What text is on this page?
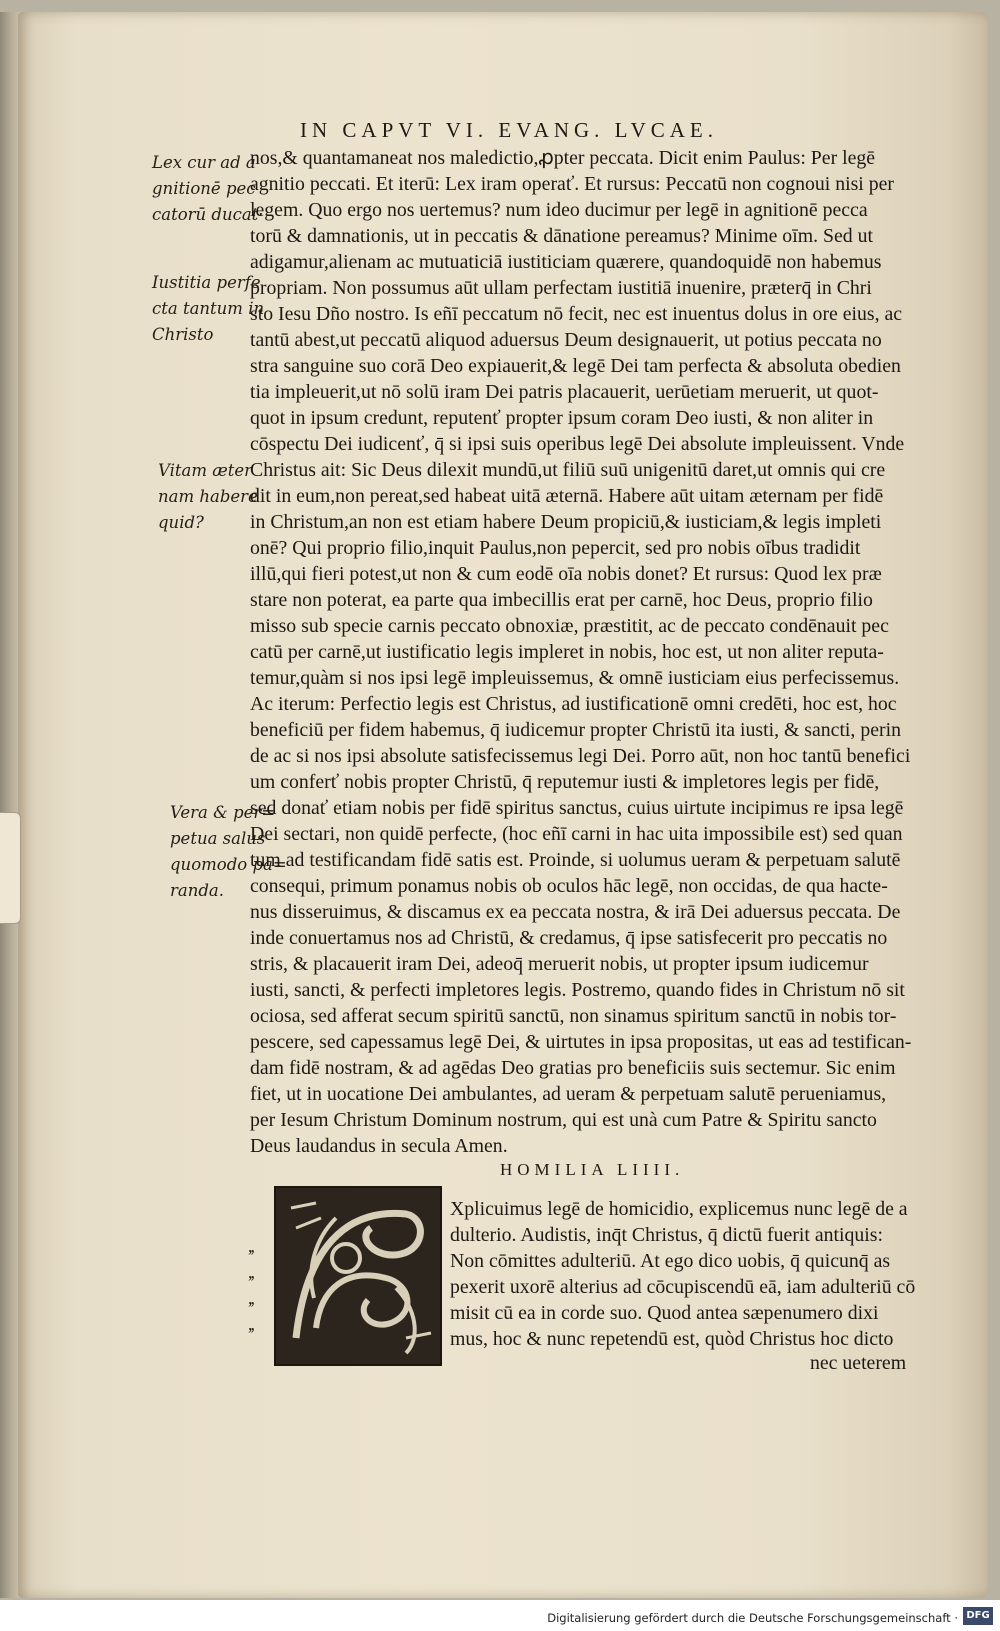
IN CAPVT VI. EVANG. LVCAE.
Lex cur ad a
gnitionē pec
catorū ducat·
Iustitia perfe
cta tantum in
Christo
Vitam æter
nam habere
quid?
Vera & per=
petua salus
quomodo pa=
randa.
nos,& quantamaneat nos maledictio,ꝓpter peccata. Dicit enim Paulus: Per legē
agnitio peccati. Et iterū: Lex iram operať. Et rursus: Peccatū non cognoui nisi per
legem. Quo ergo nos uertemus? num ideo ducimur per legē in agnitionē pecca
torū & damnationis, ut in peccatis & dānatione pereamus? Minime oīm. Sed ut
adigamur,alienam ac mutuaticiā iustiticiam quærere, quandoquidē non habemus
propriam. Non possumus aūt ullam perfectam iustitiā inuenire, præterq̄ in Chri
sto Iesu Dño nostro. Is eñī peccatum nō fecit, nec est inuentus dolus in ore eius, ac
tantū abest,ut peccatū aliquod aduersus Deum designauerit, ut potius peccata no
stra sanguine suo corā Deo expiauerit,& legē Dei tam perfecta & absoluta obedien
tia impleuerit,ut nō solū iram Dei patris placauerit, uerūetiam meruerit, ut quot-
quot in ipsum credunt, reputenť propter ipsum coram Deo iusti, & non aliter in
cōspectu Dei iudicenť, q̄ si ipsi suis operibus legē Dei absolute impleuissent. Vnde
Christus ait: Sic Deus dilexit mundū,ut filiū suū unigenitū daret,ut omnis qui cre
dit in eum,non pereat,sed habeat uitā æternā. Habere aūt uitam æternam per fidē
in Christum,an non est etiam habere Deum propiciū,& iusticiam,& legis impleti
onē? Qui proprio filio,inquit Paulus,non pepercit, sed pro nobis oībus tradidit
illū,qui fieri potest,ut non & cum eodē oīa nobis donet? Et rursus: Quod lex præ
stare non poterat, ea parte qua imbecillis erat per carnē, hoc Deus, proprio filio
misso sub specie carnis peccato obnoxiæ, præstitit, ac de peccato condēnauit pec
catū per carnē,ut iustificatio legis impleret in nobis, hoc est, ut non aliter reputa-
temur,quàm si nos ipsi legē impleuissemus, & omnē iusticiam eius perfecissemus.
Ac iterum: Perfectio legis est Christus, ad iustificationē omni credēti, hoc est, hoc
beneficiū per fidem habemus, q̄ iudicemur propter Christū ita iusti, & sancti, perin
de ac si nos ipsi absolute satisfecissemus legi Dei. Porro aūt, non hoc tantū benefici
um conferť nobis propter Christū, q̄ reputemur iusti & impletores legis per fidē,
sed donať etiam nobis per fidē spiritus sanctus, cuius uirtute incipimus re ipsa legē
Dei sectari, non quidē perfecte, (hoc eñī carni in hac uita impossibile est) sed quan
tum ad testificandam fidē satis est. Proinde, si uolumus ueram & perpetuam salutē
consequi, primum ponamus nobis ob oculos hāc legē, non occidas, de qua hacte-
nus disseruimus, & discamus ex ea peccata nostra, & irā Dei aduersus peccata. De
inde conuertamus nos ad Christū, & credamus, q̄ ipse satisfecerit pro peccatis no
stris, & placauerit iram Dei, adeoq̄ meruerit nobis, ut propter ipsum iudicemur
iusti, sancti, & perfecti impletores legis. Postremo, quando fides in Christum nō sit
ociosa, sed afferat secum spiritū sanctū, non sinamus spiritum sanctū in nobis tor-
pescere, sed capessamus legē Dei, & uirtutes in ipsa propositas, ut eas ad testifican-
dam fidē nostram, & ad agēdas Deo gratias pro beneficiis suis sectemur. Sic enim
fiet, ut in uocatione Dei ambulantes, ad ueram & perpetuam salutē perueniamus,
per Iesum Christum Dominum nostrum, qui est unà cum Patre & Spiritu sancto
Deus laudandus in secula Amen.
HOMILIA LIIII.
,,
,,
,,
,,
Xplicuimus legē de homicidio, explicemus nunc legē de a
dulterio. Audistis, inq̄t Christus, q̄ dictū fuerit antiquis:
Non cōmittes adulteriū. At ego dico uobis, q̄ quicunq̄ as
pexerit uxorē alterius ad cōcupiscendū eā, iam adulteriū cō
misit cū ea in corde suo. Quod antea sæpenumero dixi
mus, hoc & nunc repetendū est, quòd Christus hoc dicto
nec ueterem
Digitalisierung gefördert durch die Deutsche Forschungsgemeinschaft · DFG
